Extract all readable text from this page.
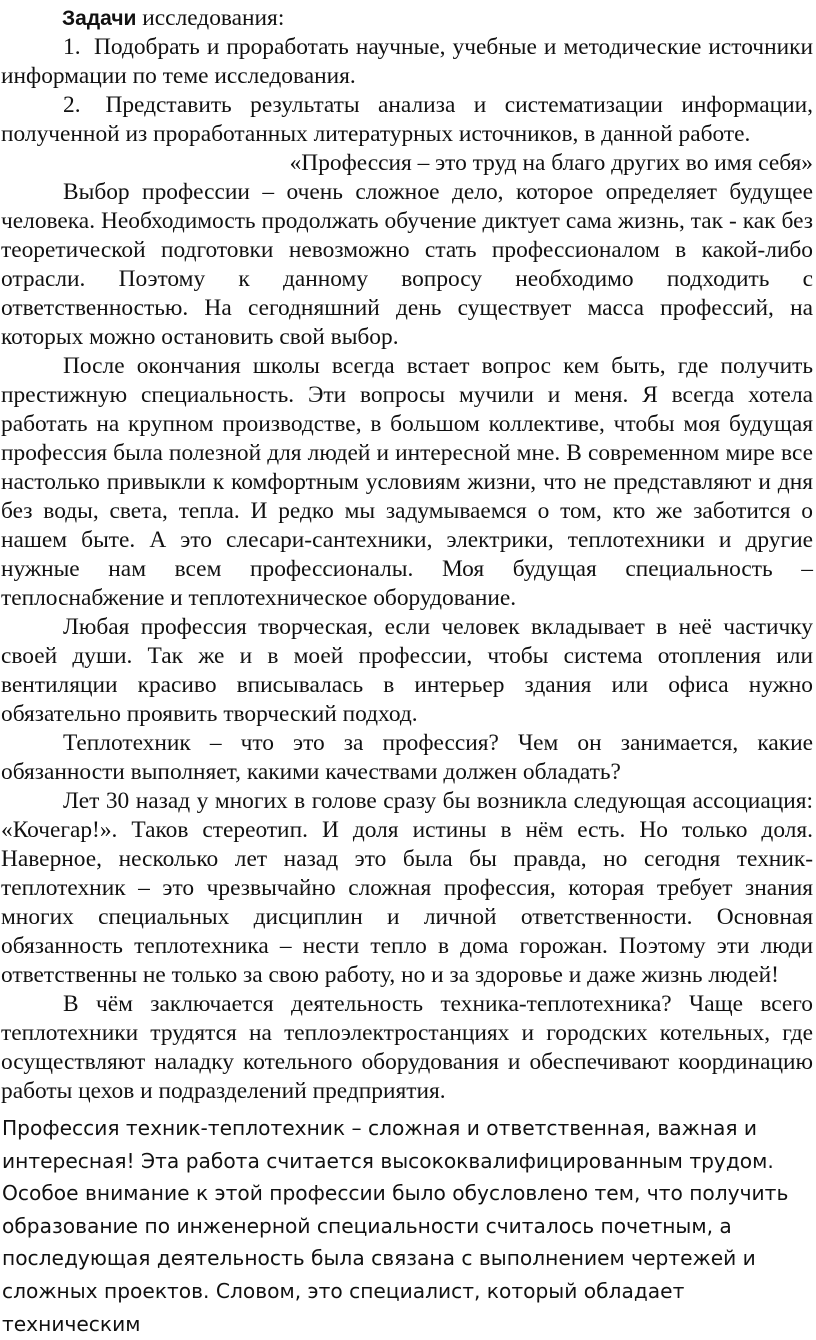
Задачи исследования:

1. Подобрать и проработать научные, учебные и методические источники информации по теме исследования.

2. Представить результаты анализа и систематизации информации, полученной из проработанных литературных источников, в данной работе.

«Профессия – это труд на благо других во имя себя»

Выбор профессии – очень сложное дело, которое определяет будущее человека. Необходимость продолжать обучение диктует сама жизнь, так - как без теоретической подготовки невозможно стать профессионалом в какой-либо отрасли. Поэтому к данному вопросу необходимо подходить с ответственностью. На сегодняшний день существует масса профессий, на которых можно остановить свой выбор.

После окончания школы всегда встает вопрос кем быть, где получить престижную специальность. Эти вопросы мучили и меня. Я всегда хотела работать на крупном производстве, в большом коллективе, чтобы моя будущая профессия была полезной для людей и интересной мне. В современном мире все настолько привыкли к комфортным условиям жизни, что не представляют и дня без воды, света, тепла. И редко мы задумываемся о том, кто же заботится о нашем быте. А это слесари-сантехники, электрики, теплотехники и другие нужные нам всем профессионалы. Моя будущая специальность – теплоснабжение и теплотехническое оборудование.

Любая профессия творческая, если человек вкладывает в неё частичку своей души. Так же и в моей профессии, чтобы система отопления или вентиляции красиво вписывалась в интерьер здания или офиса нужно обязательно проявить творческий подход.

Теплотехник – что это за профессия? Чем он занимается, какие обязанности выполняет, какими качествами должен обладать?

Лет 30 назад у многих в голове сразу бы возникла следующая ассоциация: «Кочегар!». Таков стереотип. И доля истины в нём есть. Но только доля. Наверное, несколько лет назад это была бы правда, но сегодня техник-теплотехник – это чрезвычайно сложная профессия, которая требует знания многих специальных дисциплин и личной ответственности. Основная обязанность теплотехника – нести тепло в дома горожан. Поэтому эти люди ответственны не только за свою работу, но и за здоровье и даже жизнь людей!

В чём заключается деятельность техника-теплотехника? Чаще всего теплотехники трудятся на теплоэлектростанциях и городских котельных, где осуществляют наладку котельного оборудования и обеспечивают координацию работы цехов и подразделений предприятия.

Профессия техник-теплотехник – сложная и ответственная, важная и интересная! Эта работа считается высококвалифицированным трудом. Особое внимание к этой профессии было обусловлено тем, что получить образование по инженерной специальности считалось почетным, а последующая деятельность была связана с выполнением чертежей и сложных проектов. Словом, это специалист, который обладает техническим
